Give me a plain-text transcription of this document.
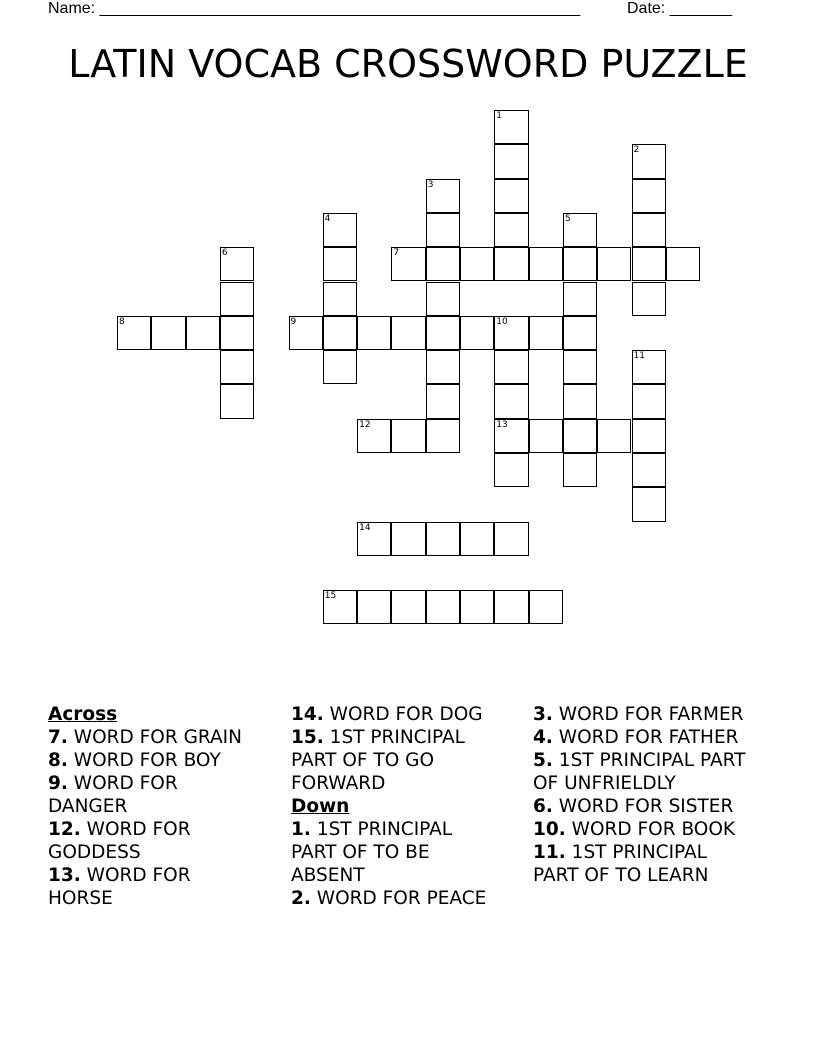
Name: ______________________________________________________	Date: _______
LATIN VOCAB CROSSWORD PUZZLE
1
2
3
4	5
6	7
8	9	10
13
11
12
14
15
Across
7. WORD FOR GRAIN
8. WORD FOR BOY
9. WORD FOR DANGER
12. WORD FOR GODDESS
13. WORD FOR HORSE
14. WORD FOR DOG
15. 1ST PRINCIPAL PART OF TO GO FORWARD
Down
1. 1ST PRINCIPAL PART OF TO BE ABSENT
2. WORD FOR PEACE
3. WORD FOR FARMER
4. WORD FOR FATHER
5. 1ST PRINCIPAL PART OF UNFRIELDLY
6. WORD FOR SISTER
10. WORD FOR BOOK
11. 1ST PRINCIPAL PART OF TO LEARN
